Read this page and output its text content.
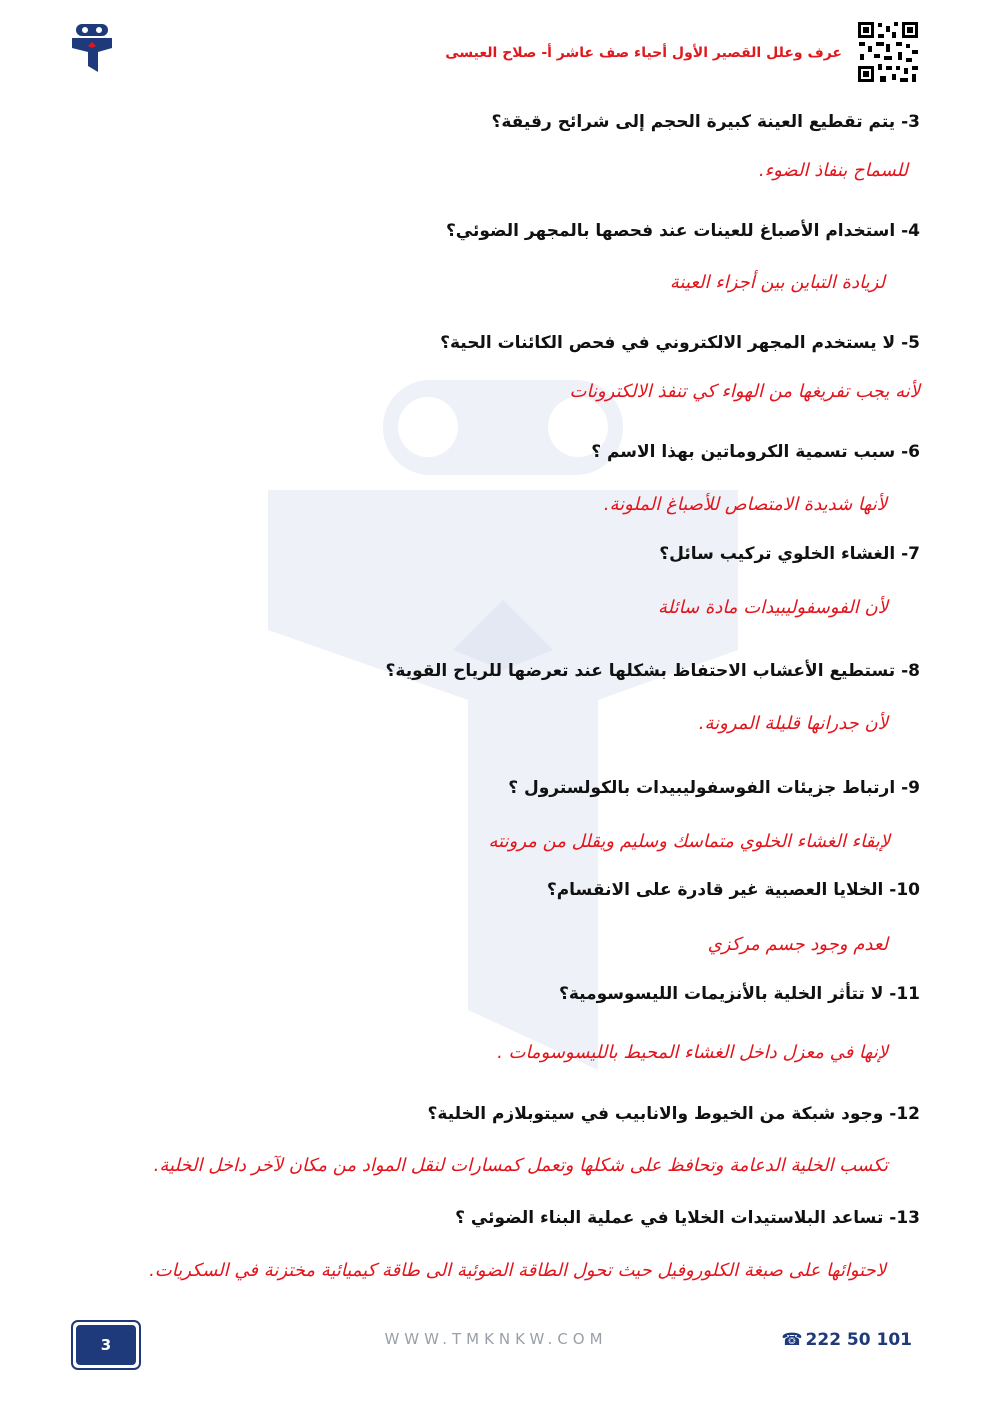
عرف وعلل القصير الأول أحياء صف عاشر أ- صلاح العيسى
3- يتم تقطيع العينة كبيرة الحجم إلى شرائح رقيقة؟
للسماح بنفاذ الضوء.
4- استخدام الأصباغ للعينات عند فحصها بالمجهر الضوئي؟
لزيادة التباين بين أجزاء العينة
5- لا يستخدم المجهر الالكتروني في فحص الكائنات الحية؟
لأنه يجب تفريغها من الهواء كي تنفذ الالكترونات
6- سبب تسمية الكروماتين بهذا الاسم ؟
لأنها شديدة الامتصاص للأصباغ الملونة.
7- الغشاء الخلوي تركيب سائل؟
لأن الفوسفوليبيدات مادة سائلة
8- تستطيع الأعشاب الاحتفاظ بشكلها عند تعرضها للرياح القوية؟
لأن جدرانها قليلة المرونة.
9- ارتباط جزيئات الفوسفوليبيدات بالكولسترول ؟
لإبقاء الغشاء الخلوي متماسك وسليم ويقلل من مرونته
10- الخلايا العصبية غير قادرة على الانقسام؟
لعدم وجود جسم مركزي
11- لا تتأثر الخلية بالأنزيمات الليسوسومية؟
لإنها في معزل داخل الغشاء المحيط بالليسوسومات .
12- وجود شبكة من الخيوط والانابيب في سيتوبلازم الخلية؟
تكسب الخلية الدعامة وتحافظ على شكلها وتعمل كمسارات لنقل المواد من مكان لآخر داخل الخلية.
13- تساعد البلاستيدات الخلايا في عملية البناء الضوئي ؟
لاحتوائها على صبغة الكلوروفيل حيث تحول الطاقة الضوئية الى طاقة كيميائية مختزنة في السكريات.
3	WWW.TMKNKW.COM	☎ 222 50 101
